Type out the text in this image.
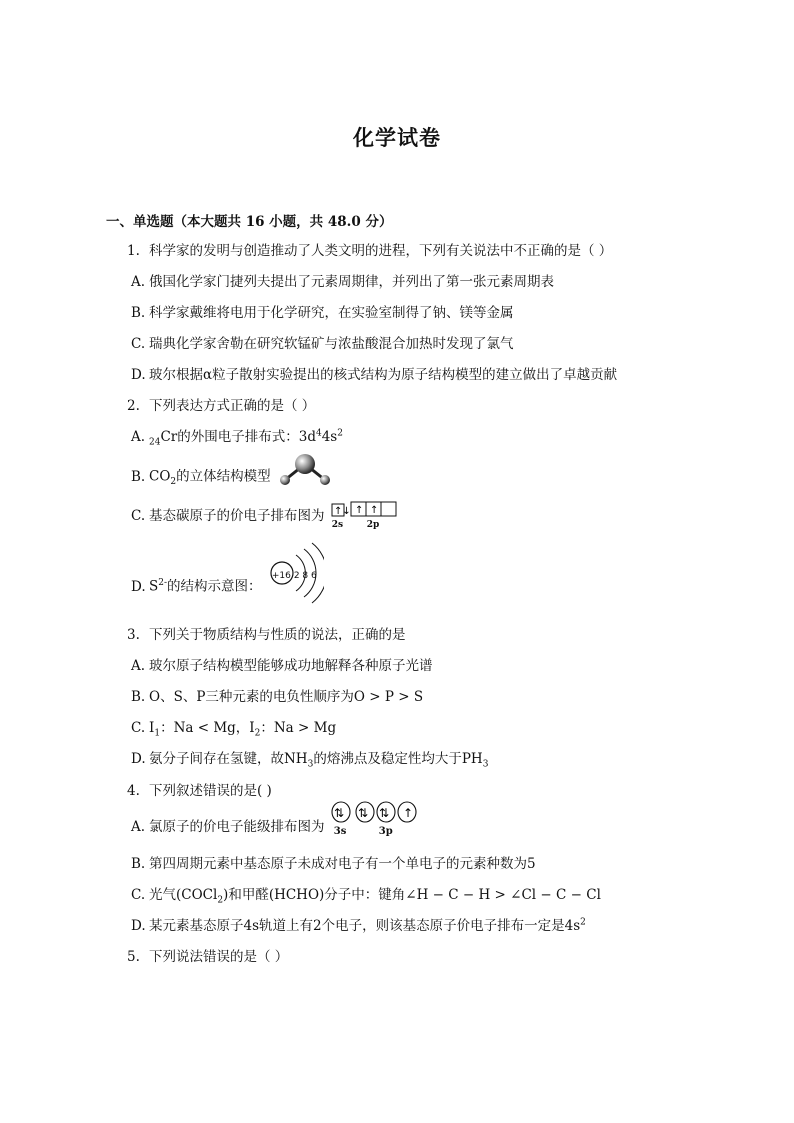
化学试卷
一、单选题（本大题共 16 小题，共 48.0 分）
1. 科学家的发明与创造推动了人类文明的进程，下列有关说法中不正确的是（ ）
A. 俄国化学家门捷列夫提出了元素周期律，并列出了第一张元素周期表
B. 科学家戴维将电用于化学研究，在实验室制得了钠、镁等金属
C. 瑞典化学家舍勒在研究软锰矿与浓盐酸混合加热时发现了氯气
D. 玻尔根据α粒子散射实验提出的核式结构为原子结构模型的建立做出了卓越贡献
2. 下列表达方式正确的是（ ）
A. $_{24}$Cr的外围电子排布式：$3d^44s^2$
B. $CO_2$的立体结构模型
C. 基态碳原子的价电子排布图为 ↑↓ ↑ ↑
2s	2p
D. $S^{2-}$的结构示意图：
+16 2 8 6
3. 下列关于物质结构与性质的说法，正确的是
A. 玻尔原子结构模型能够成功地解释各种原子光谱
B. O、S、P三种元素的电负性顺序为O > P > S
C. $I_1$：Na < Mg，$I_2$：Na > Mg
D. 氨分子间存在氢键，故$NH_3$的熔沸点及稳定性均大于$PH_3$
4. 下列叙述错误的是( )
A. 氯原子的价电子能级排布图为
⇅ ⇅ ⇅ ↑
3s	3p
B. 第四周期元素中基态原子未成对电子有一个单电子的元素种数为5
C. 光气(COCl$_2$)和甲醛(HCHO)分子中：键角∠H − C − H > ∠Cl − C − Cl
D. 某元素基态原子4s轨道上有2个电子，则该基态原子价电子排布一定是$4s^2$
5. 下列说法错误的是（ ）
